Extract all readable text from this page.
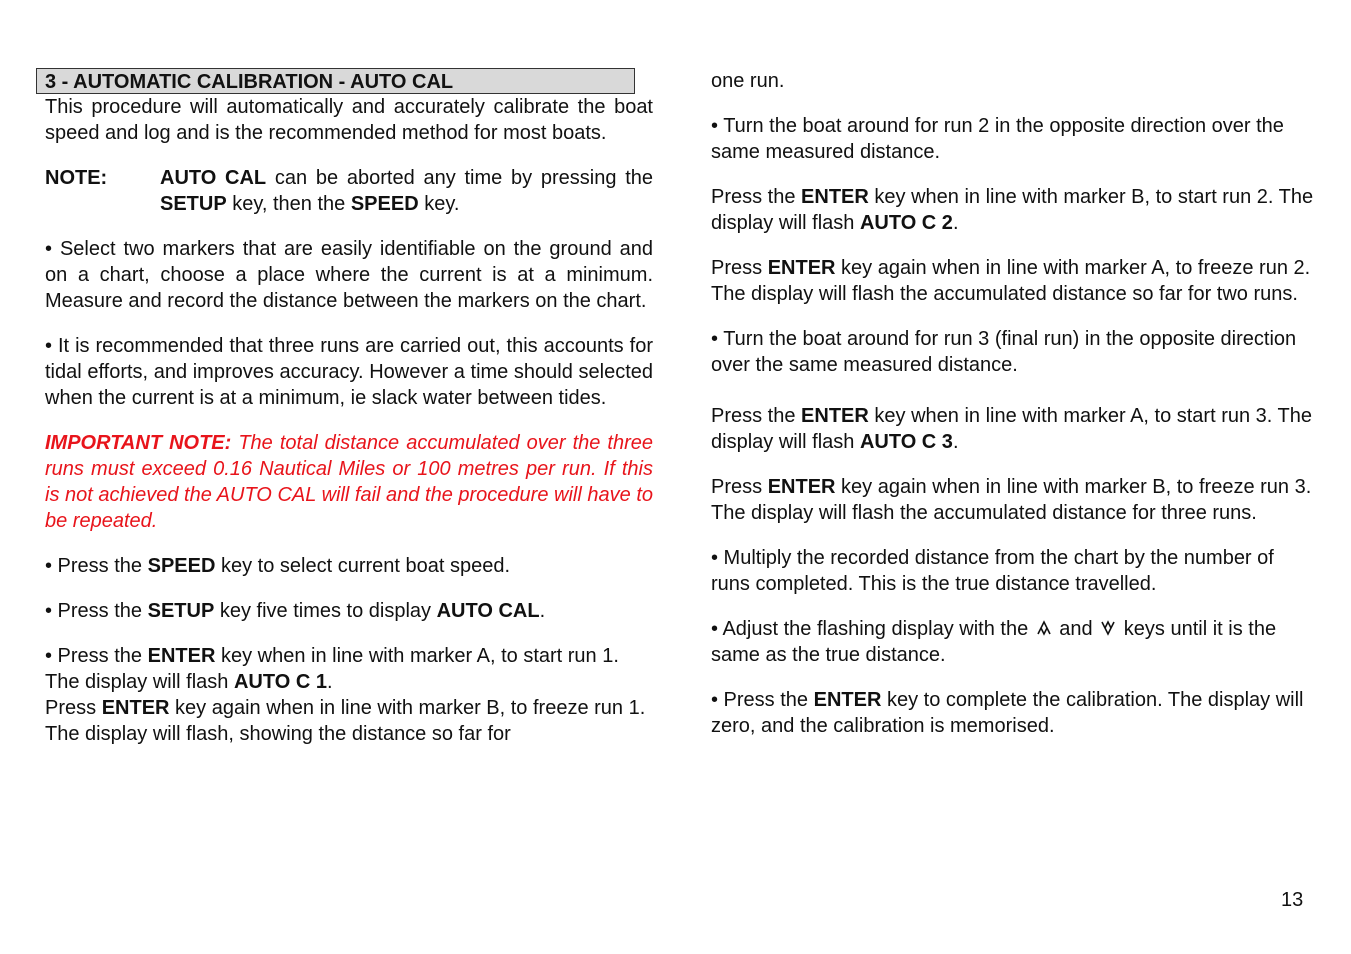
3 - AUTOMATIC CALIBRATION - AUTO CAL

This procedure will automatically and accurately calibrate the boat speed and log and is the recommended method for most boats.

NOTE:	AUTO CAL can be aborted any time by pressing the SETUP key, then the SPEED key.

• Select two markers that are easily identifiable on the ground and on a chart, choose a place where the current is at a minimum. Measure and record the distance between the markers on the chart.

• It is recommended that three runs are carried out, this accounts for tidal efforts, and improves accuracy. However a time should selected when the current is at a minimum, ie slack water between tides.

IMPORTANT NOTE: The total distance accumulated over the three runs must exceed 0.16 Nautical Miles or 100 metres per run. If this is not achieved the AUTO CAL will fail and the procedure will have to be repeated.

• Press the SPEED key to select current boat speed.

• Press the SETUP key five times to display AUTO CAL.

• Press the ENTER key when in line with marker A, to start run 1. The display will flash AUTO C 1.

Press ENTER key again when in line with marker B, to freeze run 1. The display will flash, showing the distance so far for

one run.

• Turn the boat around for run 2 in the opposite direction over the same measured distance.

Press the ENTER key when in line with marker B, to start run 2. The display will flash AUTO C 2.

Press ENTER key again when in line with marker A, to freeze run 2. The display will flash the accumulated distance so far for two runs.

• Turn the boat around for run 3 (final run) in the opposite direction over the same measured distance.

Press the ENTER key when in line with marker A, to start run 3. The display will flash AUTO C 3.

Press ENTER key again when in line with marker B, to freeze run 3. The display will flash the accumulated distance for three runs.

• Multiply the recorded distance from the chart by the number of runs completed. This is the true distance travelled.

• Adjust the flashing display with the  and  keys until it is the same as the true distance.

• Press the ENTER key to complete the calibration. The display will zero, and the calibration is memorised.

13
